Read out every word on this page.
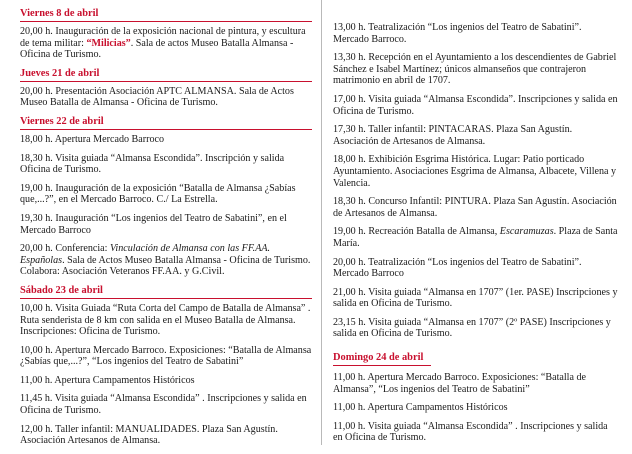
Viernes 8 de abril
20,00 h. Inauguración de la exposición nacional de pintura, y escultura de tema militar: “Milicias”. Sala de actos Museo Batalla Almansa - Oficina de Turismo.
Jueves 21 de abril
20,00 h. Presentación Asociación APTC ALMANSA. Sala de Actos Museo Batalla de Almansa - Oficina de Turismo.
Viernes 22 de abril
18,00 h. Apertura Mercado Barroco
18,30 h. Visita guiada “Almansa Escondida”. Inscripción y salida Oficina de Turismo.
19,00 h. Inauguración de la exposición “Batalla de Almansa ¿Sabías que,...?”, en el Mercado Barroco. C./ La Estrella.
19,30 h. Inauguración “Los ingenios del Teatro de Sabatini”, en el Mercado Barroco
20,00 h. Conferencia: Vinculación de Almansa con las FF.AA. Españolas. Sala de Actos Museo Batalla Almansa - Oficina de Turismo. Colabora: Asociación Veteranos FF.AA. y G.Civil.
Sábado 23 de abril
10,00 h. Visita Guiada “Ruta Corta del Campo de Batalla de Almansa” . Ruta senderista de 8 km con salida en el Museo Batalla de Almansa. Inscripciones: Oficina de Turismo.
10,00 h. Apertura Mercado Barroco. Exposiciones: “Batalla de Almansa ¿Sabías que,...?”, “Los ingenios del Teatro de Sabatini”
11,00 h. Apertura Campamentos Históricos
11,45 h. Visita guiada “Almansa Escondida” . Inscripciones y salida en Oficina de Turismo.
12,00 h. Taller infantil: MANUALIDADES. Plaza San Agustín. Asociación Artesanos de Almansa.
13,00 h. Teatralización “Los ingenios del Teatro de Sabatini”. Mercado Barroco.
13,30 h. Recepción en el Ayuntamiento a los descendientes de Gabriel Sánchez e Isabel Martínez; únicos almanseños que contrajeron matrimonio en abril de 1707.
17,00 h. Visita guiada “Almansa Escondida”. Inscripciones y salida en Oficina de Turismo.
17,30 h. Taller infantil: PINTACARAS. Plaza San Agustín. Asociación de Artesanos de Almansa.
18,00 h. Exhibición Esgrima Histórica. Lugar: Patio porticado Ayuntamiento. Asociaciones Esgrima de Almansa, Albacete, Villena y Valencia.
18,30 h. Concurso Infantil: PINTURA. Plaza San Agustín. Asociación de Artesanos de Almansa.
19,00 h. Recreación Batalla de Almansa, Escaramuzas. Plaza de Santa María.
20,00 h. Teatralización “Los ingenios del Teatro de Sabatini”. Mercado Barroco
21,00 h. Visita guiada “Almansa en 1707” (1er. PASE) Inscripciones y salida en Oficina de Turismo.
23,15 h. Visita guiada “Almansa en 1707” (2º PASE) Inscripciones y salida en Oficina de Turismo.
Domingo 24 de abril
11,00 h. Apertura Mercado Barroco. Exposiciones: “Batalla de Almansa”, “Los ingenios del Teatro de Sabatini”
11,00 h. Apertura Campamentos Históricos
11,00 h. Visita guiada “Almansa Escondida” . Inscripciones y salida en Oficina de Turismo.
